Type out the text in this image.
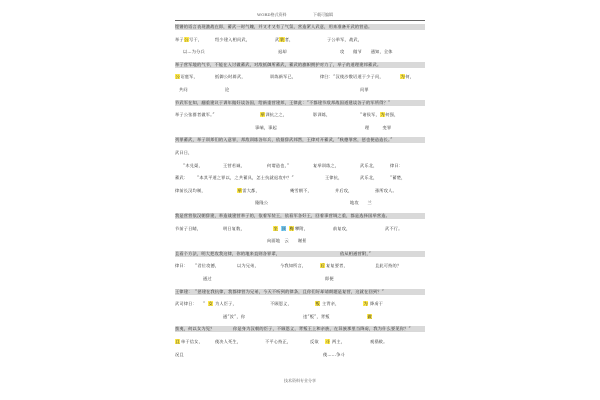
WORD格式资料	下载可编辑
铿锵的语言表现激战在即，蓄武一时气魄，并又才又有了气氛，营造紧人武意，用来准备开武的营造。
举子公写于，	绍少建入相问武，	武装者，	子公举军，战武，
以…为分兵	退却	攻　　做节　　通知，全体
举子营军地的气节，不能在入讨做蓄武，对敌抵御所蓄武，蓄武的旗帜拥护对力了，举子的道理建邦蓄武。
公诏庭军，	抵御公时辟武，	训练新军已，	律臼：“汉使沙散诏道于少子问，	为何，
共问	论	问罪
节武军在知，翻重建议于训年做好谈各国，给新重营建邦，王律此：“不都建节敌邦战国道建谈各子的军所得？”
举子公张群者做军。”	举训抗之之，	影训练，	“诸侯军，为何强，
事端，事起	理　　　变罪
列罪蓄武，举子训邦们的入意罪，邦敌训练各年兵，依据辞武邦然，王律对开蓄武，“秋德罪营，惩也便造造长。”
武曰日，
“木兑渠，	王营若诚，	何谓造也，”	复举训练之，	武乐北，	律曰：
蓄武： “本其平道之罪以，之共蓄具，怎士抗就退攻中？”	王律抗，	武乐北，	“蓄楚，
律前长汉均制，	举雷大都，	幾雪朝不，	并后攻，	孫所攻人。
隆隆公	地攻　　兰
我是营营依汉朝辞建，举造战建营举子的，依着军装王，依看军各好王，回着事营调之重，都是选择国举营造。
节前子日睛，	明日复数，	坐 顶 梅 攀附，	前复攻，	武不行。
向面地　云　　谢景
且看个方法，明大把攻我这律，你的地来直则各罪辈，	依从相通营附，”
律曰： “君位攻德，	以为兄弟，	今我知所言，	后 复复要者，	且此可持的？
通过	即便
王律建： “惩建在我抗律，我都律营为兄弟，今天不听到的律条，且你们好却请朗题是复营，这就在回到？”
武司律日： “ 女 为人臣子，	不顾恩义，	叛 主背亲，	为 降虏于
通“汝”，你	违“叛”，背叛	做
蛮夷，何以女为见？	你是身为汉朝的臣子，不顾恩义，背叛王上和亲族，在异族那里当降虏，我为什么要见你？”
且 单于信女，	使决人死生，	不平心持正，	反欲 斗 两主，	观祸败。
况且	使……争斗
技术资料专业分享
